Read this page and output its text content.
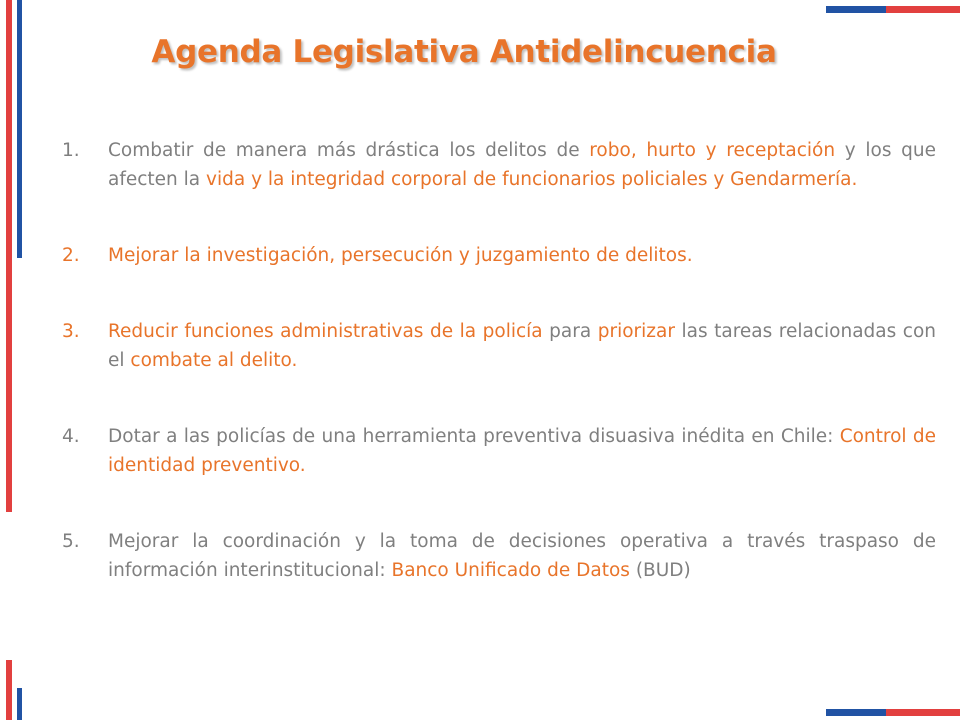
Agenda Legislativa Antidelincuencia
1. Combatir de manera más drástica los delitos de robo, hurto y receptación y los que afecten la vida y la integridad corporal de funcionarios policiales y Gendarmería.
2. Mejorar la investigación, persecución y juzgamiento de delitos.
3. Reducir funciones administrativas de la policía para priorizar las tareas relacionadas con el combate al delito.
4. Dotar a las policías de una herramienta preventiva disuasiva inédita en Chile: Control de identidad preventivo.
5. Mejorar la coordinación y la toma de decisiones operativa a través traspaso de información interinstitucional: Banco Unificado de Datos (BUD)
